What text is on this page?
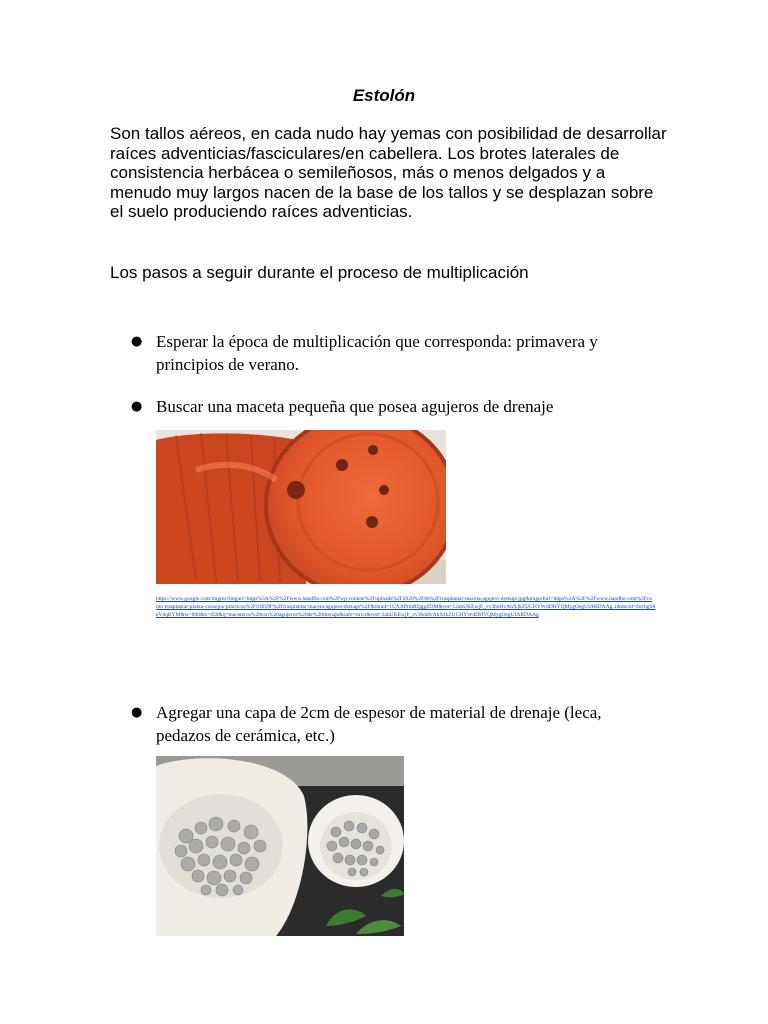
Estolón

Son tallos aéreos, en cada nudo hay yemas con posibilidad de desarrollar raíces adventicias/fasciculares/en cabellera. Los brotes laterales de consistencia herbácea o semileñosos, más o menos delgados y a menudo muy largos nacen de la base de los tallos y se desplazan sobre el suelo produciendo raíces adventicias.

Los pasos a seguir durante el proceso de multiplicación

● Esperar la época de multiplicación que corresponda: primavera y principios de verano.

● Buscar una maceta pequeña que posea agujeros de drenaje

https://www.google.com/imgres?imgurl=https%3A%2F%2Fwww.handfie.com%2Fwp-content%2Fuploads%2F2020%2F06%2Ftrasplantar-maceta-agujero-drenaje.jpg&imgrefurl=https%3A%2F%2Fwww.handfie.com%2Fcomo-trasplantar-planta-consejos-practicos%2F03059F%2Ftrasplantar-maceta-agujero-drenaje%2F&tbnid=1UXAPrmRQggZOM&vet=12ahUKEwjF_vv36oHvAhXJkZUCHYWdDHYQMygOegUIARDAAg..i&docid=fzrrhgS8eVdqBYM&w=800&h=450&q=maceteros%20con%20agujeros%20de%20drenaje&safe=strict&ved=2ahUKEwjF_vv36oHvAhXJkZUCHYWdDHYQMygOegUIARDAAg

● Agregar una capa de 2cm de espesor de material de drenaje (leca, pedazos de cerámica, etc.)
